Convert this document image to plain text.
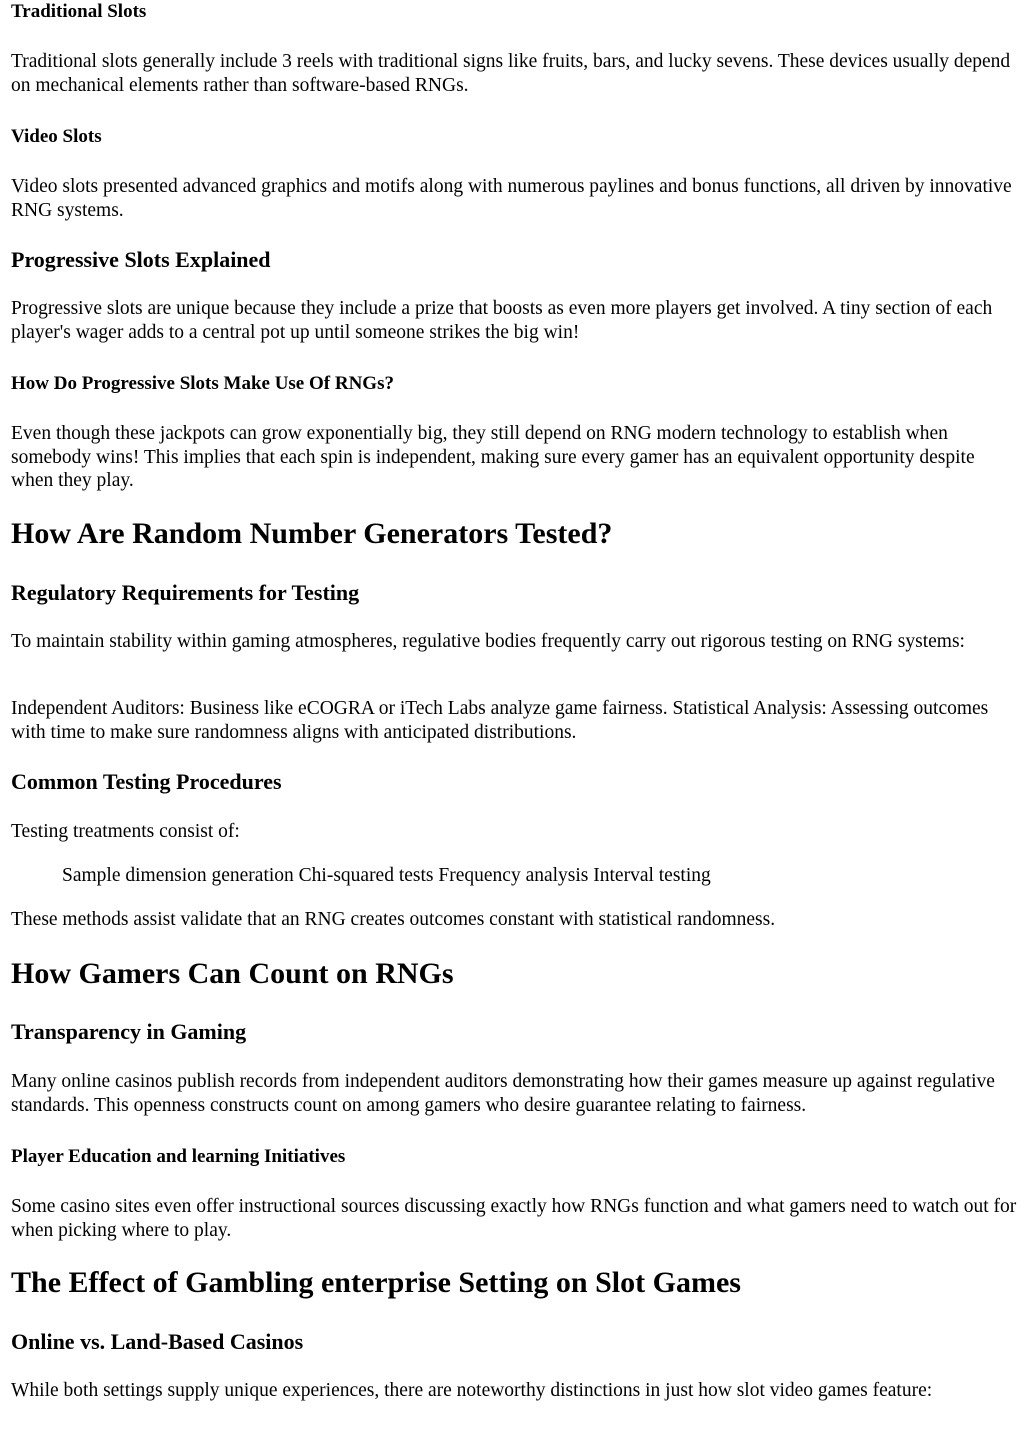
Traditional Slots

Traditional slots generally include 3 reels with traditional signs like fruits, bars, and lucky sevens. These devices usually depend on mechanical elements rather than software-based RNGs.

Video Slots

Video slots presented advanced graphics and motifs along with numerous paylines and bonus functions, all driven by innovative RNG systems.

Progressive Slots Explained

Progressive slots are unique because they include a prize that boosts as even more players get involved. A tiny section of each player's wager adds to a central pot up until someone strikes the big win!

How Do Progressive Slots Make Use Of RNGs?

Even though these jackpots can grow exponentially big, they still depend on RNG modern technology to establish when somebody wins! This implies that each spin is independent, making sure every gamer has an equivalent opportunity despite when they play.

How Are Random Number Generators Tested?
Regulatory Requirements for Testing

To maintain stability within gaming atmospheres, regulative bodies frequently carry out rigorous testing on RNG systems:

Independent Auditors: Business like eCOGRA or iTech Labs analyze game fairness. Statistical Analysis: Assessing outcomes with time to make sure randomness aligns with anticipated distributions.

Common Testing Procedures

Testing treatments consist of:

Sample dimension generation Chi-squared tests Frequency analysis Interval testing

These methods assist validate that an RNG creates outcomes constant with statistical randomness.

How Gamers Can Count on RNGs
Transparency in Gaming

Many online casinos publish records from independent auditors demonstrating how their games measure up against regulative standards. This openness constructs count on among gamers who desire guarantee relating to fairness.

Player Education and learning Initiatives

Some casino sites even offer instructional sources discussing exactly how RNGs function and what gamers need to watch out for when picking where to play.

The Effect of Gambling enterprise Setting on Slot Games
Online vs. Land-Based Casinos

While both settings supply unique experiences, there are noteworthy distinctions in just how slot video games feature:
